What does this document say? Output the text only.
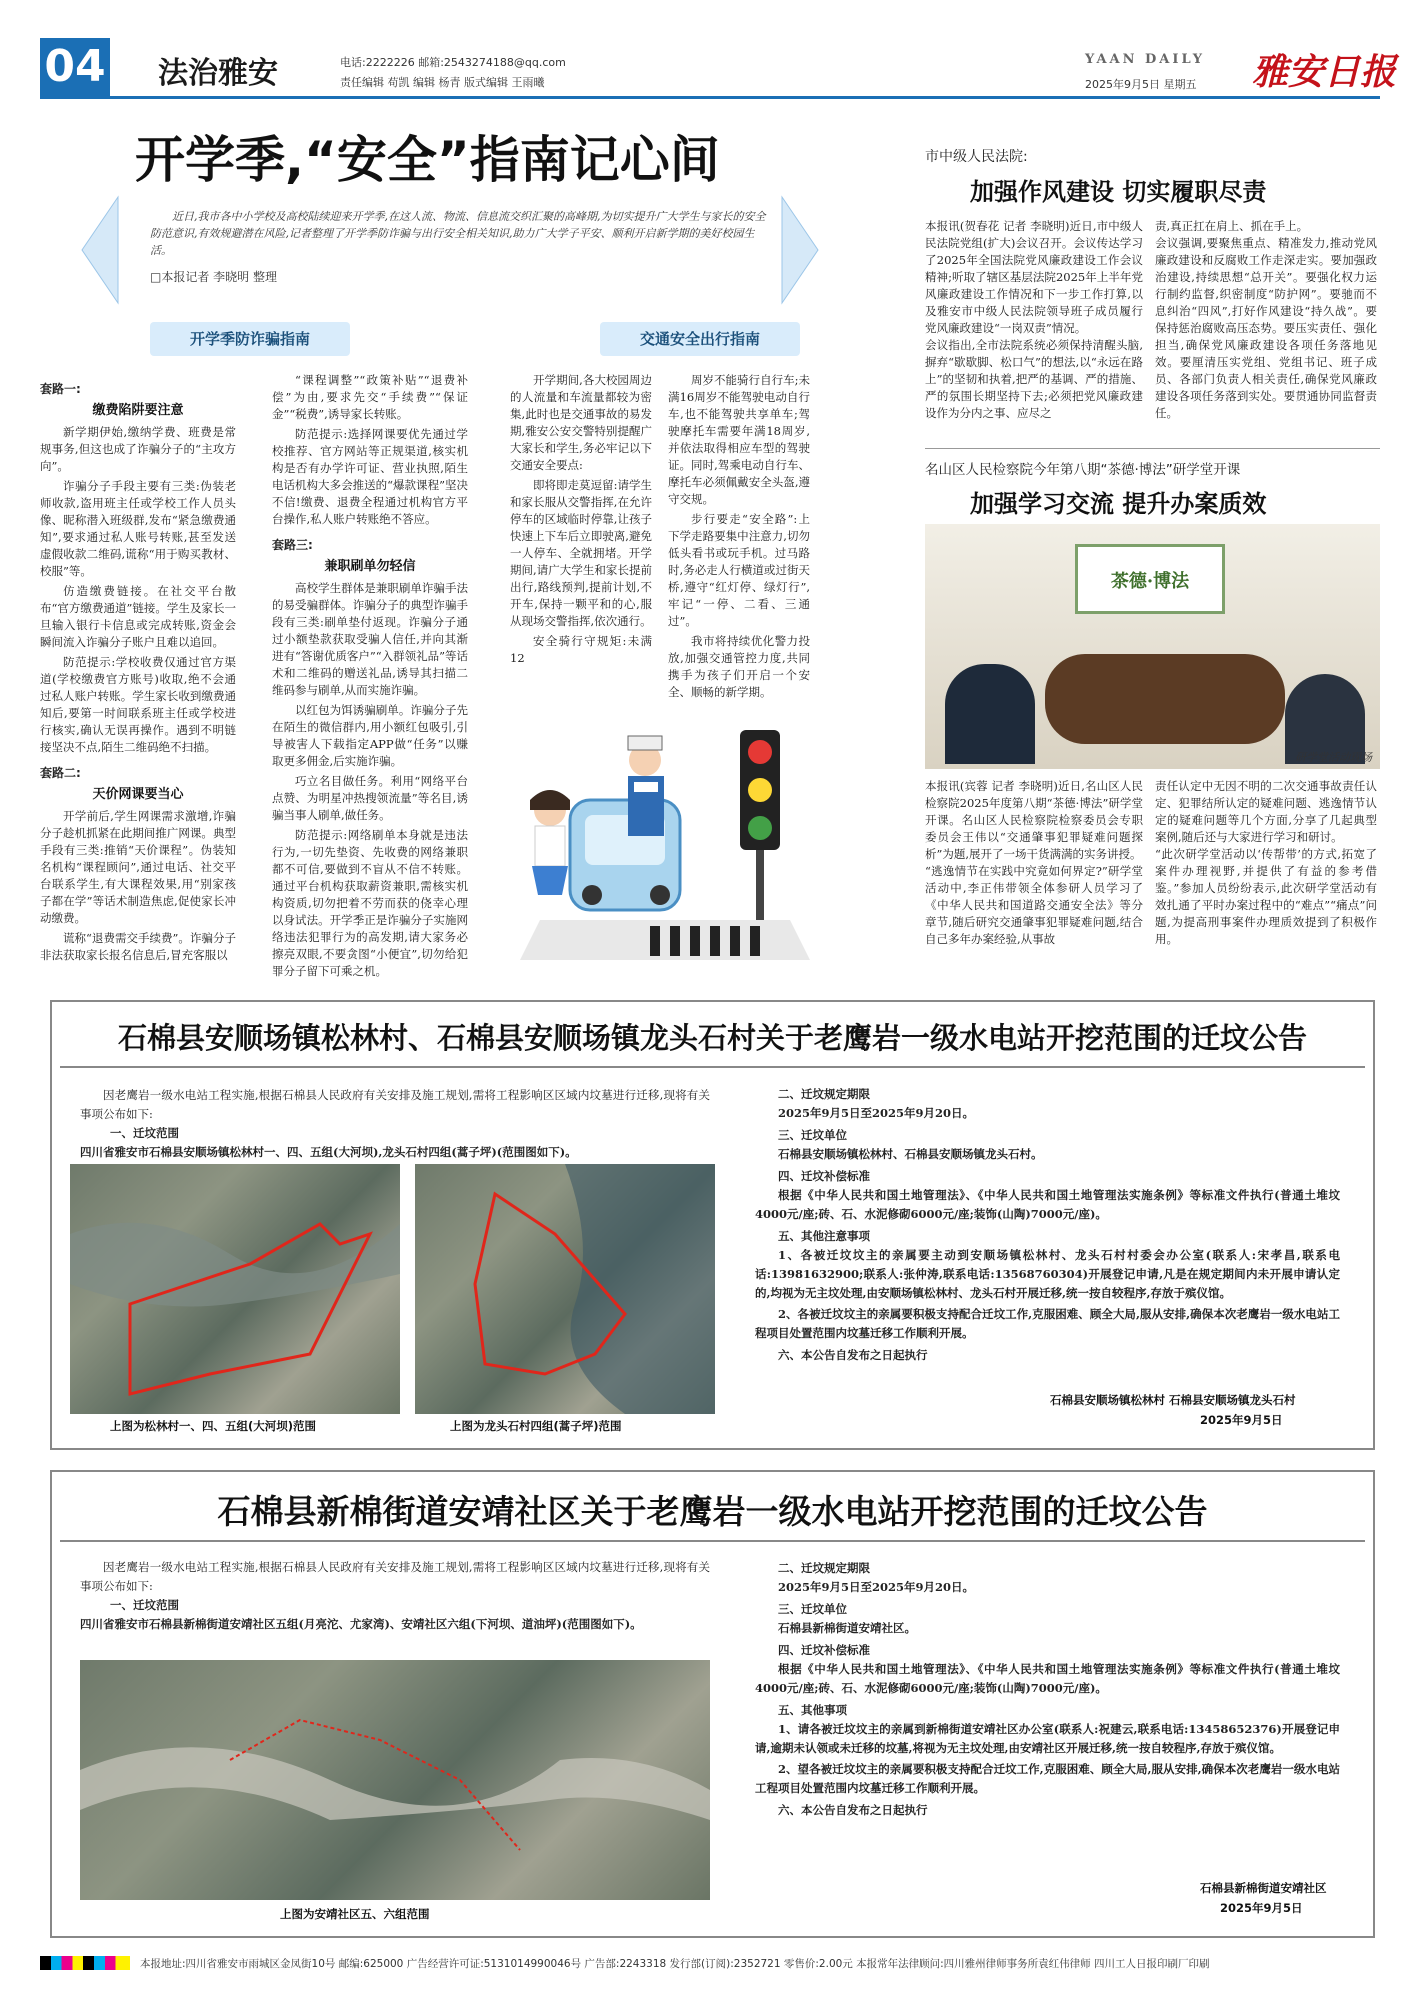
04 法治雅安	电话:2222226 邮箱:2543274188@qq.com
责任编辑 苟凯 编辑 杨青 版式编辑 王雨曦
YAAN DAILY
2025年9月5日 星期五 雅安日报
开学季,“安全”指南记心间
近日,我市各中小学校及高校陆续迎来开学季,在这人流、物流、信息流交织汇聚的高峰期,为切实提升广大学生与家长的安全防范意识,有效规避潜在风险,记者整理了开学季防诈骗与出行安全相关知识,助力广大学子平安、顺利开启新学期的美好校园生活。
□本报记者 李晓明 整理
开学季防诈骗指南	交通安全出行指南
套路一:
缴费陷阱要注意
新学期伊始,缴纳学费、班费是常规事务,但这也成了诈骗分子的“主攻方向”。
诈骗分子手段主要有三类:伪装老师收款,盗用班主任或学校工作人员头像、昵称潜入班级群,发布“紧急缴费通知”,要求通过私人账号转账,甚至发送虚假收款二维码,谎称“用于购买教材、校服”等。
仿造缴费链接。在社交平台散布“官方缴费通道”链接。学生及家长一旦输入银行卡信息或完成转账,资金会瞬间流入诈骗分子账户且难以追回。
防范提示:学校收费仅通过官方渠道(学校缴费官方账号)收取,绝不会通过私人账户转账。学生家长收到缴费通知后,要第一时间联系班主任或学校进行核实,确认无误再操作。遇到不明链接坚决不点,陌生二维码绝不扫描。
套路二:
天价网课要当心
开学前后,学生网课需求激增,诈骗分子趁机抓紧在此期间推广网课。典型手段有三类:推销“天价课程”。伪装知名机构“课程顾问”,通过电话、社交平台联系学生,有大课程效果,用“别家孩子都在学”等话术制造焦虑,促使家长冲动缴费。
谎称“退费需交手续费”。诈骗分子非法获取家长报名信息后,冒充客服以
“课程调整”“政策补贴”“退费补偿”为由,要求先交“手续费”“保证金”“税费”,诱导家长转账。
防范提示:选择网课要优先通过学校推荐、官方网站等正规渠道,核实机构是否有办学许可证、营业执照,陌生电话机构大多会推送的“爆款课程”坚决不信!缴费、退费全程通过机构官方平台操作,私人账户转账绝不答应。
套路三:
兼职刷单勿轻信
高校学生群体是兼职刷单诈骗手法的易受骗群体。诈骗分子的典型诈骗手段有三类:刷单垫付返现。诈骗分子通过小额垫款获取受骗人信任,并向其渐进有“答谢优质客户”“入群领礼品”等话术和二维码的赠送礼品,诱导其扫描二维码参与刷单,从而实施诈骗。
以红包为饵诱骗刷单。诈骗分子先在陌生的微信群内,用小额红包吸引,引导被害人下载指定APP做“任务”以赚取更多佣金,后实施诈骗。
巧立名目做任务。利用“网络平台点赞、为明星冲热搜领流量”等名目,诱骗当事人刷单,做任务。
防范提示:网络刷单本身就是违法行为,一切先垫资、先收费的网络兼职都不可信,要做到不盲从不信不转账。通过平台机构获取薪资兼职,需核实机构资质,切勿把着不劳而获的侥幸心理以身试法。开学季正是诈骗分子实施网络违法犯罪行为的高发期,请大家务必擦亮双眼,不要贪图“小便宜”,切勿给犯罪分子留下可乘之机。
开学期间,各大校园周边的人流量和车流量都较为密集,此时也是交通事故的易发期,雅安公安交警特别提醒广大家长和学生,务必牢记以下交通安全要点:
即将即走莫逗留:请学生和家长服从交警指挥,在允许停车的区域临时停靠,让孩子快速上下车后立即驶离,避免一人停车、全就拥堵。开学期间,请广大学生和家长提前出行,路线预判,提前计划,不开车,保持一颗平和的心,服从现场交警指挥,依次通行。
安全骑行守规矩:未满12
周岁不能骑行自行车;未满16周岁不能驾驶电动自行车,也不能驾驶共享单车;驾驶摩托车需要年满18周岁,并依法取得相应车型的驾驶证。同时,驾乘电动自行车、摩托车必须佩戴安全头盔,遵守交规。
步行要走“安全路”:上下学走路要集中注意力,切勿低头看书或玩手机。过马路时,务必走人行横道或过街天桥,遵守“红灯停、绿灯行”,牢记“一停、二看、三通过”。
我市将持续优化警力投放,加强交通管控力度,共同携手为孩子们开启一个安全、顺畅的新学期。
市中级人民法院:
加强作风建设 切实履职尽责
本报讯(贺春花 记者 李晓明)近日,市中级人民法院党组(扩大)会议召开。会议传达学习了2025年全国法院党风廉政建设工作会议精神;听取了辖区基层法院2025年上半年党风廉政建设工作情况和下一步工作打算,以及雅安市中级人民法院领导班子成员履行党风廉政建设“一岗双责”情况。
会议指出,全市法院系统必须保持清醒头脑,摒弃“歇歇脚、松口气”的想法,以“永远在路上”的坚韧和执着,把严的基调、严的措施、严的氛围长期坚持下去;必须把党风廉政建设作为分内之事、应尽之
责,真正扛在肩上、抓在手上。
会议强调,要聚焦重点、精准发力,推动党风廉政建设和反腐败工作走深走实。要加强政治建设,持续思想“总开关”。要强化权力运行制约监督,织密制度“防护网”。要驰而不息纠治“四风”,打好作风建设“持久战”。要保持惩治腐败高压态势。要压实责任、强化担当,确保党风廉政建设各项任务落地见效。要厘清压实党组、党组书记、班子成员、各部门负责人相关责任,确保党风廉政建设各项任务落到实处。要贯通协同监督责任。
名山区人民检察院今年第八期“茶德·博法”研学堂开课
加强学习交流 提升办案质效
茶德·博法
研学堂活动现场
本报讯(宾蓉 记者 李晓明)近日,名山区人民检察院2025年度第八期“茶德·博法”研学堂开课。名山区人民检察院检察委员会专职委员会王伟以“交通肇事犯罪疑难问题探析”为题,展开了一场干货满满的实务讲授。
“逃逸情节在实践中究竟如何界定?”研学堂活动中,李正伟带领全体参研人员学习了《中华人民共和国道路交通安全法》等分章节,随后研究交通肇事犯罪疑难问题,结合自己多年办案经验,从事故
责任认定中无因不明的二次交通事故责任认定、犯罪结所认定的疑难问题、逃逸情节认定的疑难问题等几个方面,分享了几起典型案例,随后还与大家进行学习和研讨。
“此次研学堂活动以‘传帮带’的方式,拓宽了案件办理视野,并提供了有益的参考借鉴。”参加人员纷纷表示,此次研学堂活动有效扎通了平时办案过程中的“难点”“痛点”问题,为提高刑事案件办理质效提到了积极作用。
石棉县安顺场镇松林村、石棉县安顺场镇龙头石村关于老鹰岩一级水电站开挖范围的迁坟公告
因老鹰岩一级水电站工程实施,根据石棉县人民政府有关安排及施工规划,需将工程影响区区域内坟墓进行迁移,现将有关事项公布如下:
一、迁坟范围
四川省雅安市石棉县安顺场镇松林村一、四、五组(大河坝),龙头石村四组(蒿子坪)(范围图如下)。
上图为松林村一、四、五组(大河坝)范围	上图为龙头石村四组(蒿子坪)范围
二、迁坟规定期限
2025年9月5日至2025年9月20日。
三、迁坟单位
石棉县安顺场镇松林村、石棉县安顺场镇龙头石村。
四、迁坟补偿标准
根据《中华人民共和国土地管理法》、《中华人民共和国土地管理法实施条例》等标准文件执行(普通土堆坟4000元/座;砖、石、水泥修砌6000元/座;装饰(山陶)7000元/座)。
五、其他注意事项
1、各被迁坟坟主的亲属要主动到安顺场镇松林村、龙头石村村委会办公室(联系人:宋孝昌,联系电话:13981632900;联系人:张仲涛,联系电话:13568760304)开展登记申请,凡是在规定期间内未开展申请认定的,均视为无主坟处理,由安顺场镇松林村、龙头石村开展迁移,统一按自较程序,存放于殡仪馆。
2、各被迁坟坟主的亲属要积极支持配合迁坟工作,克服困难、顾全大局,服从安排,确保本次老鹰岩一级水电站工程项目处置范围内坟墓迁移工作顺利开展。
六、本公告自发布之日起执行
石棉县安顺场镇松林村 石棉县安顺场镇龙头石村
2025年9月5日
石棉县新棉街道安靖社区关于老鹰岩一级水电站开挖范围的迁坟公告
因老鹰岩一级水电站工程实施,根据石棉县人民政府有关安排及施工规划,需将工程影响区区域内坟墓进行迁移,现将有关事项公布如下:
一、迁坟范围
四川省雅安市石棉县新棉街道安靖社区五组(月亮沱、尤家湾)、安靖社区六组(下河坝、道油坪)(范围图如下)。
上图为安靖社区五、六组范围
二、迁坟规定期限
2025年9月5日至2025年9月20日。
三、迁坟单位
石棉县新棉街道安靖社区。
四、迁坟补偿标准
根据《中华人民共和国土地管理法》、《中华人民共和国土地管理法实施条例》等标准文件执行(普通土堆坟4000元/座;砖、石、水泥修砌6000元/座;装饰(山陶)7000元/座)。
五、其他事项
1、请各被迁坟坟主的亲属到新棉街道安靖社区办公室(联系人:祝建云,联系电话:13458652376)开展登记申请,逾期未认领或未迁移的坟墓,将视为无主坟处理,由安靖社区开展迁移,统一按自较程序,存放于殡仪馆。
2、望各被迁坟坟主的亲属要积极支持配合迁坟工作,克服困难、顾全大局,服从安排,确保本次老鹰岩一级水电站工程项目处置范围内坟墓迁移工作顺利开展。
六、本公告自发布之日起执行
石棉县新棉街道安靖社区
2025年9月5日
本报地址:四川省雅安市雨城区金凤街10号 邮编:625000 广告经营许可证:5131014990046号 广告部:2243318 发行部(订阅):2352721 零售价:2.00元 本报常年法律顾问:四川雅州律师事务所袁红伟律师 四川工人日报印刷厂印刷
